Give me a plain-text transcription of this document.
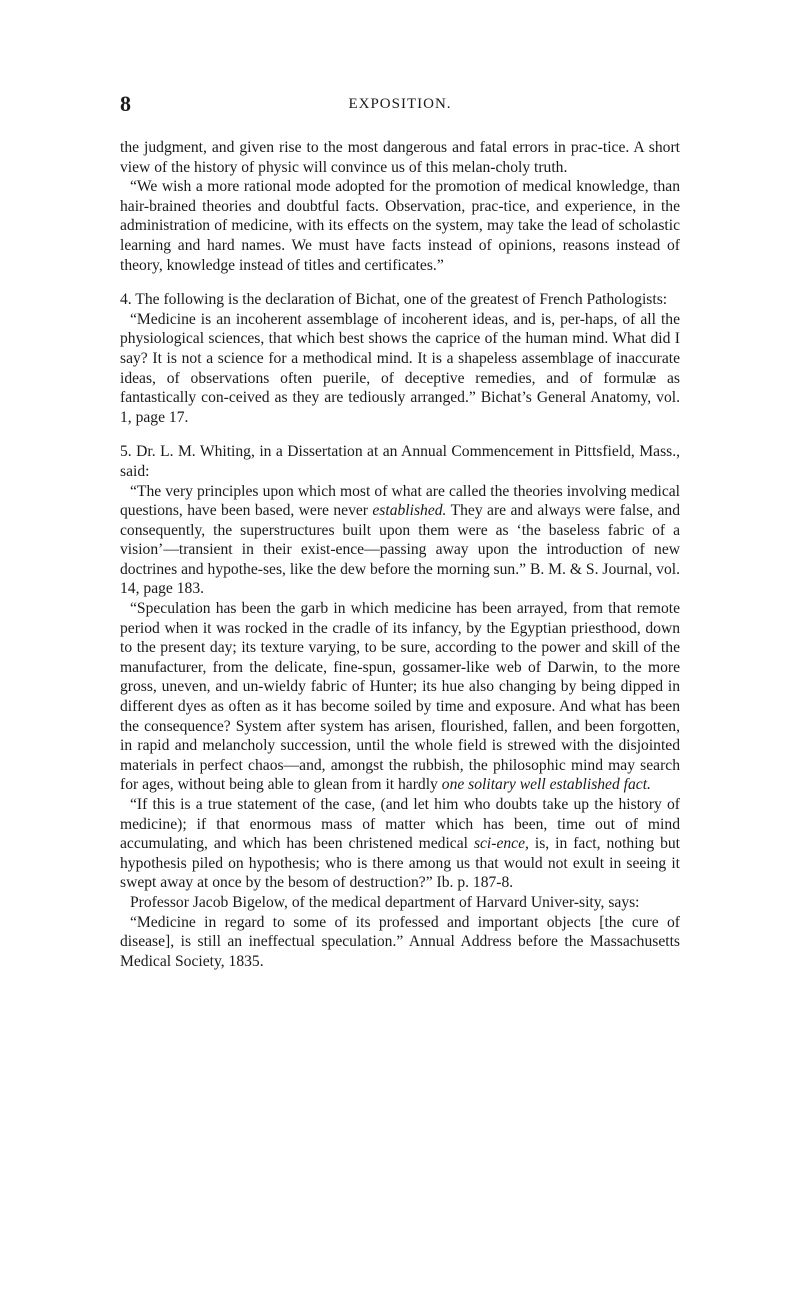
8	EXPOSITION.

the judgment, and given rise to the most dangerous and fatal errors in prac-tice. A short view of the history of physic will convince us of this melan-choly truth.

“We wish a more rational mode adopted for the promotion of medical knowledge, than hair-brained theories and doubtful facts. Observation, prac-tice, and experience, in the administration of medicine, with its effects on the system, may take the lead of scholastic learning and hard names. We must have facts instead of opinions, reasons instead of theory, knowledge instead of titles and certificates.”

4. The following is the declaration of Bichat, one of the greatest of French Pathologists:

“Medicine is an incoherent assemblage of incoherent ideas, and is, per-haps, of all the physiological sciences, that which best shows the caprice of the human mind. What did I say? It is not a science for a methodical mind. It is a shapeless assemblage of inaccurate ideas, of observations often puerile, of deceptive remedies, and of formulæ as fantastically con-ceived as they are tediously arranged.” Bichat’s General Anatomy, vol. 1, page 17.

5. Dr. L. M. Whiting, in a Dissertation at an Annual Commencement in Pittsfield, Mass., said:

“The very principles upon which most of what are called the theories involving medical questions, have been based, were never established. They are and always were false, and consequently, the superstructures built upon them were as ‘the baseless fabric of a vision’—transient in their exist-ence—passing away upon the introduction of new doctrines and hypothe-ses, like the dew before the morning sun.” B. M. & S. Journal, vol. 14, page 183.

“Speculation has been the garb in which medicine has been arrayed, from that remote period when it was rocked in the cradle of its infancy, by the Egyptian priesthood, down to the present day; its texture varying, to be sure, according to the power and skill of the manufacturer, from the delicate, fine-spun, gossamer-like web of Darwin, to the more gross, uneven, and un-wieldy fabric of Hunter; its hue also changing by being dipped in different dyes as often as it has become soiled by time and exposure. And what has been the consequence? System after system has arisen, flourished, fallen, and been forgotten, in rapid and melancholy succession, until the whole field is strewed with the disjointed materials in perfect chaos—and, amongst the rubbish, the philosophic mind may search for ages, without being able to glean from it hardly one solitary well established fact.

“If this is a true statement of the case, (and let him who doubts take up the history of medicine); if that enormous mass of matter which has been, time out of mind accumulating, and which has been christened medical sci-ence, is, in fact, nothing but hypothesis piled on hypothesis; who is there among us that would not exult in seeing it swept away at once by the besom of destruction?” Ib. p. 187-8.

Professor Jacob Bigelow, of the medical department of Harvard Univer-sity, says:

“Medicine in regard to some of its professed and important objects [the cure of disease], is still an ineffectual speculation.” Annual Address before the Massachusetts Medical Society, 1835.
